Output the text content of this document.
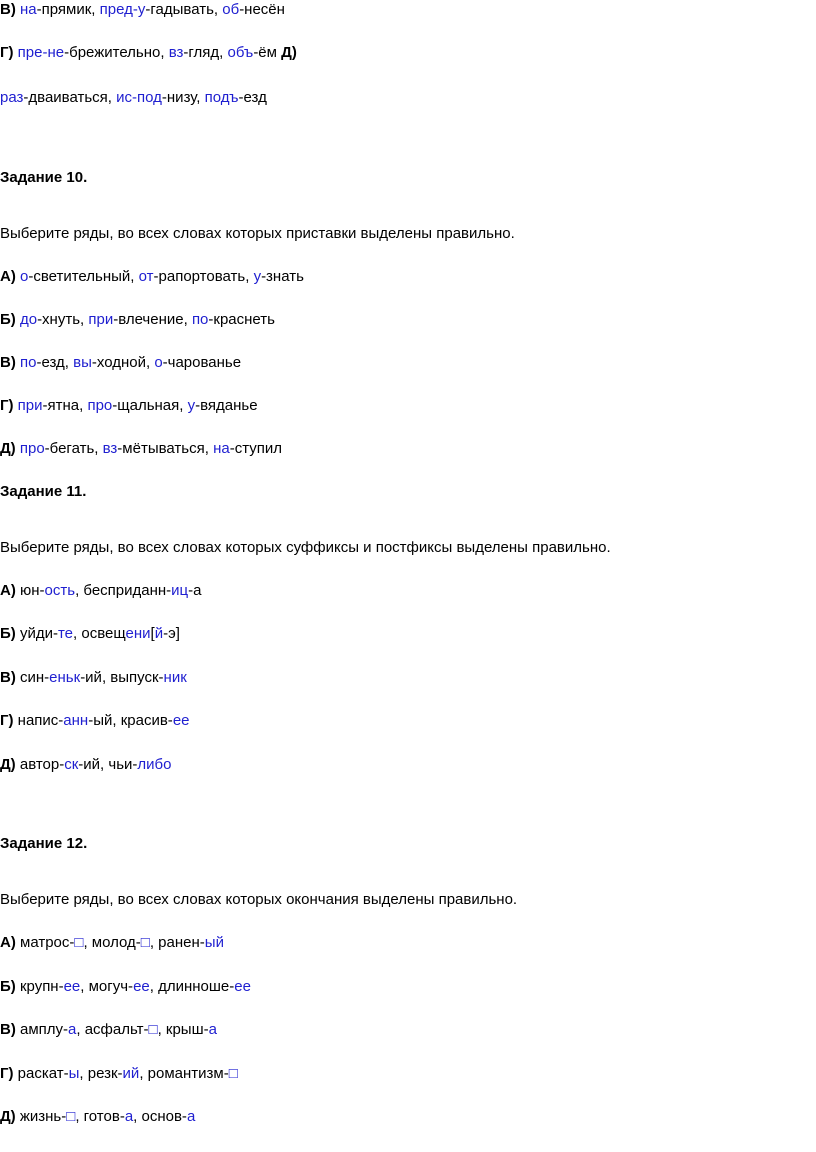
В) на-прямик, пред-у-гадывать, об-несён
Г) пре-не-брежительно, вз-гляд, объ-ём Д)
раз-дваиваться, ис-под-низу, подъ-езд
Задание 10.
Выберите ряды, во всех словах которых приставки выделены правильно.
А) о-светительный, от-рапортовать, у-знать
Б) до-хнуть, при-влечение, по-краснеть
В) по-езд, вы-ходной, о-чарованье
Г) при-ятна, про-щальная, у-вяданье
Д) про-бегать, вз-мётываться, на-ступил
Задание 11.
Выберите ряды, во всех словах которых суффиксы и постфиксы выделены правильно.
А) юн-ость, бесприданн-иц-а
Б) уйди-те, освещени[й-э]
В) син-еньк-ий, выпуск-ник
Г) напис-анн-ый, красив-ее
Д) автор-ск-ий, чьи-либо
Задание 12.
Выберите ряды, во всех словах которых окончания выделены правильно.
А) матрос-□, молод-□, ранен-ый
Б) крупн-ее, могуч-ее, длинноше-ее
В) амплу-а, асфальт-□, крыш-а
Г) раскат-ы, резк-ий, романтизм-□
Д) жизнь-□, готов-а, основ-а
